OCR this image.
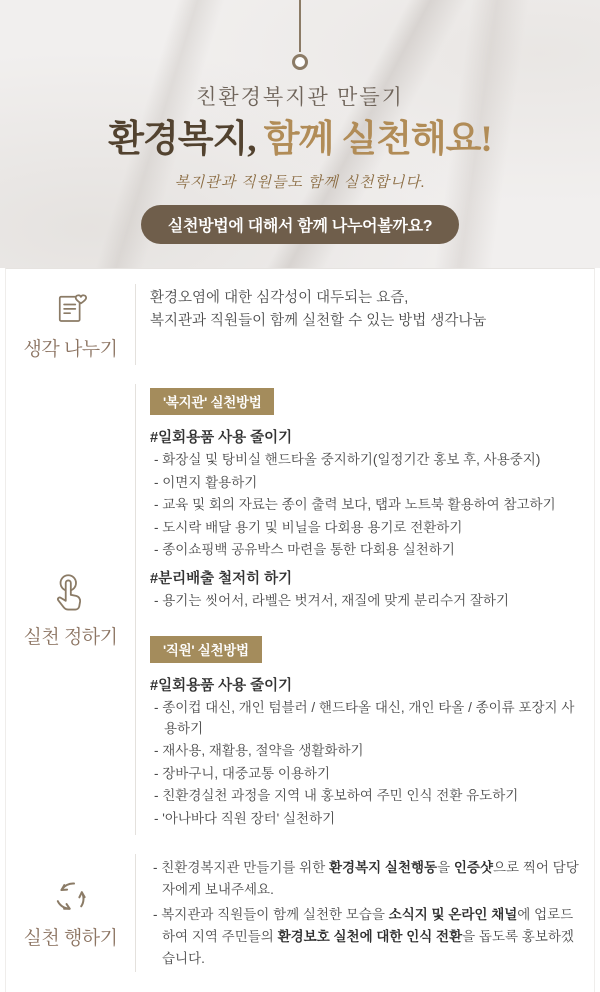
친환경복지관 만들기
환경복지, 함께 실천해요!
복지관과 직원들도 함께 실천합니다.
실천방법에 대해서 함께 나누어볼까요?
생각 나누기

환경오염에 대한 심각성이 대두되는 요즘,

복지관과 직원들이 함께 실천할 수 있는 방법 생각나눔

실천 정하기
'복지관' 실천방법
#일회용품 사용 줄이기
- 화장실 및 탕비실 핸드타올 중지하기(일정기간 홍보 후, 사용중지)
- 이면지 활용하기
- 교육 및 회의 자료는 종이 출력 보다, 탭과 노트북 활용하여 참고하기
- 도시락 배달 용기 및 비닐을 다회용 용기로 전환하기
- 종이쇼핑백 공유박스 마련을 통한 다회용 실천하기
#분리배출 철저히 하기
- 용기는 씻어서, 라벨은 벗겨서, 재질에 맞게 분리수거 잘하기
'직원' 실천방법
#일회용품 사용 줄이기
- 종이컵 대신, 개인 텀블러 / 핸드타올 대신, 개인 타올 / 종이류 포장지 사용하기
- 재사용, 재활용, 절약을 생활화하기
- 장바구니, 대중교통 이용하기
- 친환경실천 과정을 지역 내 홍보하여 주민 인식 전환 유도하기
- '아나바다 직원 장터' 실천하기
실천 행하기

- 친환경복지관 만들기를 위한 환경복지 실천행동을 인증샷으로 찍어 담당자에게 보내주세요.

- 복지관과 직원들이 함께 실천한 모습을 소식지 및 온라인 채널에 업로드하여 지역 주민들의 환경보호 실천에 대한 인식 전환을 돕도록 홍보하겠습니다.
